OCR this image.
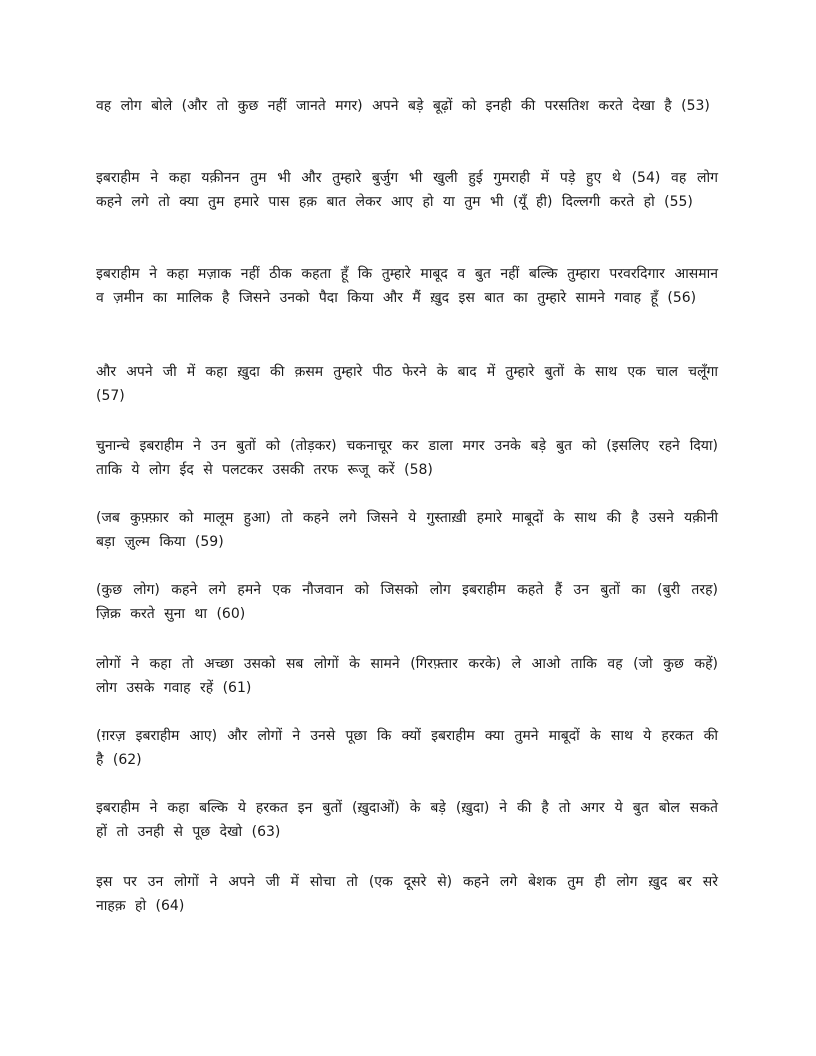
वह लोग बोले (और तो कुछ नहीं जानते मगर) अपने बड़े बूढ़ों को इनही की परसतिश करते देखा है (53)

इबराहीम ने कहा यक़ीनन तुम भी और तुम्हारे बुर्जुग भी खुली हुई गुमराही में पड़े हुए थे (54) वह लोग कहने लगे तो क्या तुम हमारे पास हक़ बात लेकर आए हो या तुम भी (यूँ ही) दिल्लगी करते हो (55)

इबराहीम ने कहा मज़ाक नहीं ठीक कहता हूँ कि तुम्हारे माबूद व बुत नहीं बल्कि तुम्हारा परवरदिगार आसमान व ज़मीन का मालिक है जिसने उनको पैदा किया और मैं ख़ुद इस बात का तुम्हारे सामने गवाह हूँ (56)

और अपने जी में कहा ख़ुदा की क़सम तुम्हारे पीठ फेरने के बाद में तुम्हारे बुतों के साथ एक चाल चलूँगा (57)

चुनान्चे इबराहीम ने उन बुतों को (तोड़कर) चकनाचूर कर डाला मगर उनके बड़े बुत को (इसलिए रहने दिया) ताकि ये लोग ईद से पलटकर उसकी तरफ रूजू करें (58)

(जब कुफ़्फ़ार को मालूम हुआ) तो कहने लगे जिसने ये गुस्ताख़ी हमारे माबूदों के साथ की है उसने यक़ीनी बड़ा ज़ुल्म किया (59)

(कुछ लोग) कहने लगे हमने एक नौजवान को जिसको लोग इबराहीम कहते हैं उन बुतों का (बुरी तरह) ज़िक्र करते सुना था (60)

लोगों ने कहा तो अच्छा उसको सब लोगों के सामने (गिरफ़्तार करके) ले आओ ताकि वह (जो कुछ कहें) लोग उसके गवाह रहें (61)

(ग़रज़ इबराहीम आए) और लोगों ने उनसे पूछा कि क्यों इबराहीम क्या तुमने माबूदों के साथ ये हरकत की है (62)

इबराहीम ने कहा बल्कि ये हरकत इन बुतों (ख़ुदाओं) के बड़े (ख़ुदा) ने की है तो अगर ये बुत बोल सकते हों तो उनही से पूछ देखो (63)

इस पर उन लोगों ने अपने जी में सोचा तो (एक दूसरे से) कहने लगे बेशक तुम ही लोग ख़ुद बर सरे नाहक़ हो (64)
